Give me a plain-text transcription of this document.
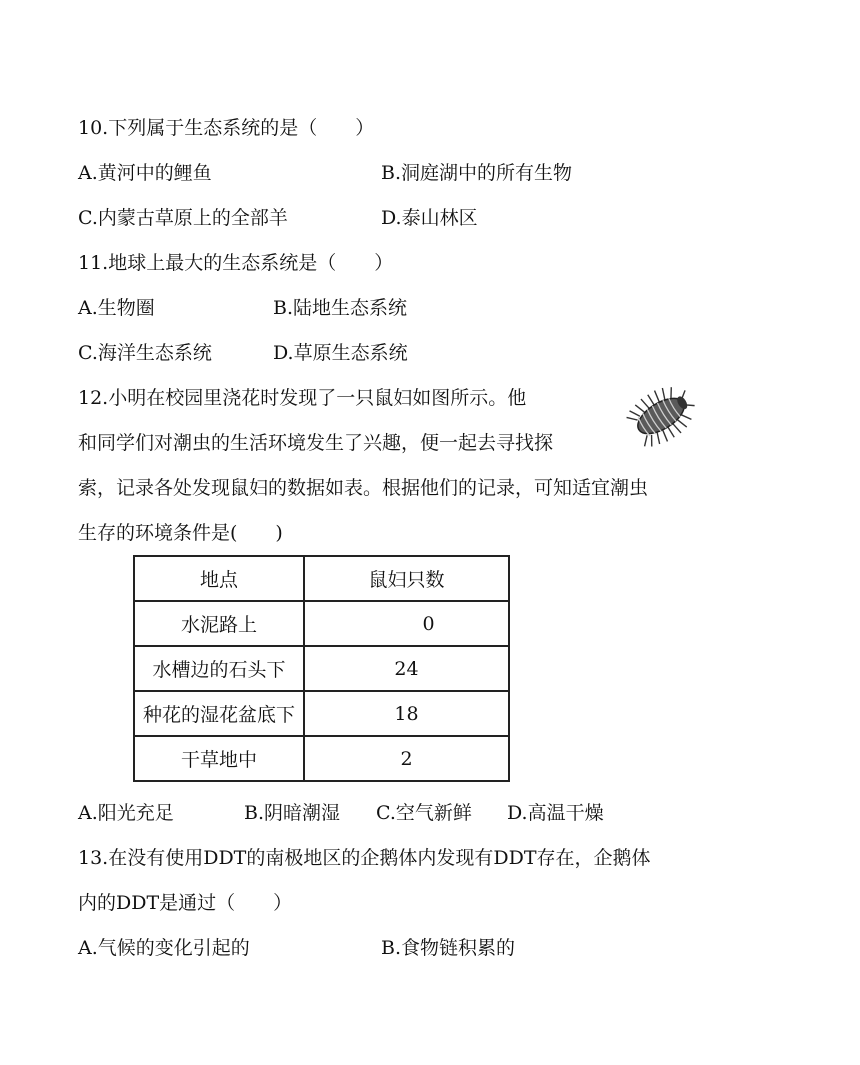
10.下列属于生态系统的是（　　）
A.黄河中的鲤鱼	B.洞庭湖中的所有生物
C.内蒙古草原上的全部羊	D.泰山林区
11.地球上最大的生态系统是（　　）
A.生物圈	B.陆地生态系统
C.海洋生态系统	D.草原生态系统
12.小明在校园里浇花时发现了一只鼠妇如图所示。他
和同学们对潮虫的生活环境发生了兴趣，便一起去寻找探
索，记录各处发现鼠妇的数据如表。根据他们的记录，可知适宜潮虫
生存的环境条件是(　　)
地点	鼠妇只数
水泥路上	0
水槽边的石头下	24
种花的湿花盆底下	18
干草地中	2
A.阳光充足	B.阴暗潮湿 C.空气新鲜 D.高温干燥
13.在没有使用DDT的南极地区的企鹅体内发现有DDT存在，企鹅体
内的DDT是通过（　　）
A.气候的变化引起的	B.食物链积累的
